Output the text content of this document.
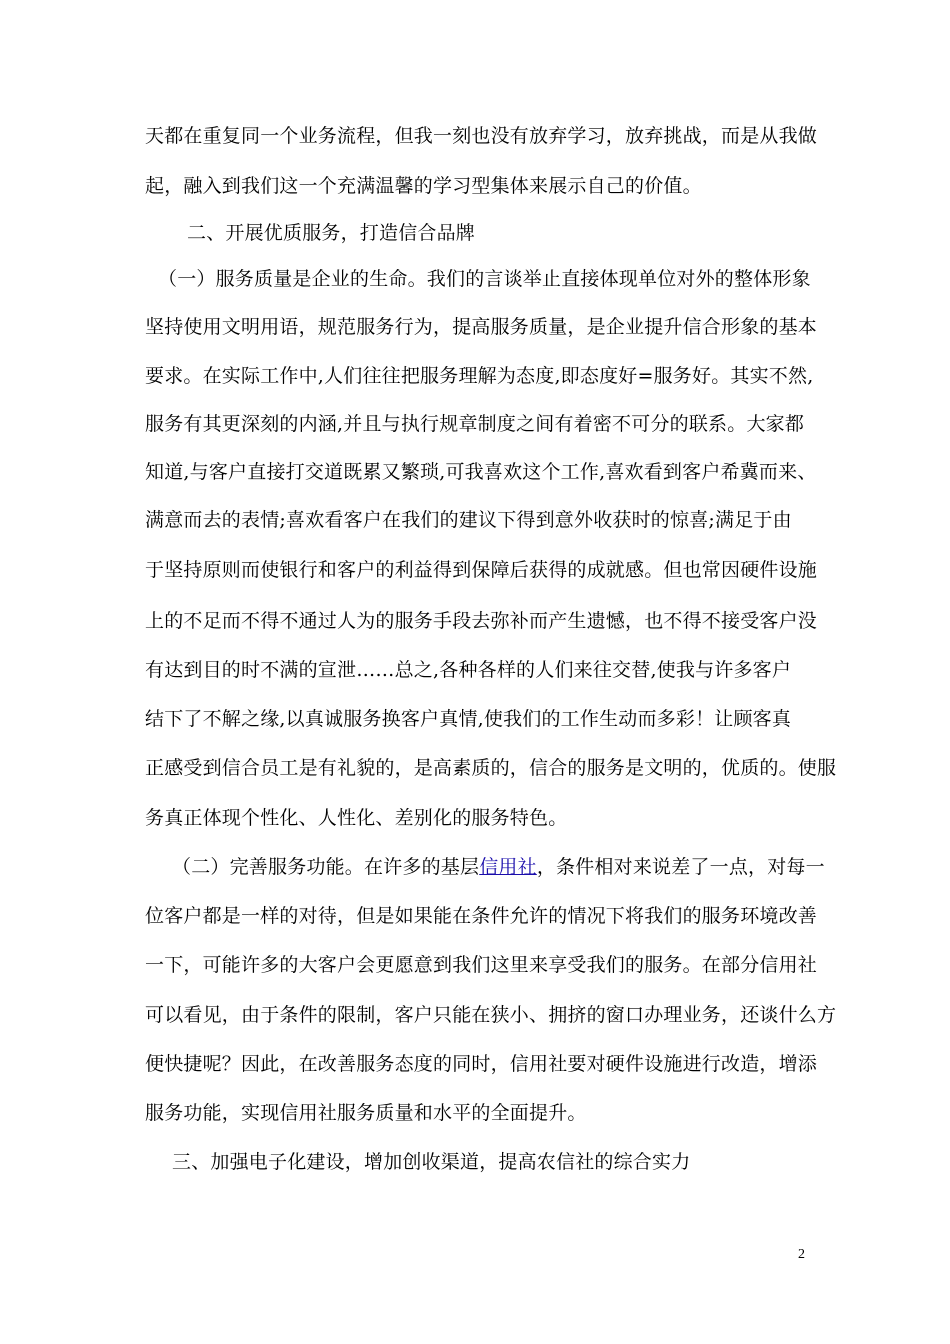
天都在重复同一个业务流程，但我一刻也没有放弃学习，放弃挑战，而是从我做
起，融入到我们这一个充满温馨的学习型集体来展示自己的价值。
二、开展优质服务，打造信合品牌
（一）服务质量是企业的生命。我们的言谈举止直接体现单位对外的整体形象
坚持使用文明用语，规范服务行为，提高服务质量，是企业提升信合形象的基本
要求。在实际工作中,人们往往把服务理解为态度,即态度好=服务好。其实不然,
服务有其更深刻的内涵,并且与执行规章制度之间有着密不可分的联系。大家都
知道,与客户直接打交道既累又繁琐,可我喜欢这个工作,喜欢看到客户希冀而来、
满意而去的表情;喜欢看客户在我们的建议下得到意外收获时的惊喜;满足于由
于坚持原则而使银行和客户的利益得到保障后获得的成就感。但也常因硬件设施
上的不足而不得不通过人为的服务手段去弥补而产生遗憾，也不得不接受客户没
有达到目的时不满的宣泄……总之,各种各样的人们来往交替,使我与许多客户
结下了不解之缘,以真诚服务换客户真情,使我们的工作生动而多彩！让顾客真
正感受到信合员工是有礼貌的，是高素质的，信合的服务是文明的，优质的。使服
务真正体现个性化、人性化、差别化的服务特色。
（二）完善服务功能。在许多的基层信用社，条件相对来说差了一点，对每一
位客户都是一样的对待，但是如果能在条件允许的情况下将我们的服务环境改善
一下，可能许多的大客户会更愿意到我们这里来享受我们的服务。在部分信用社
可以看见，由于条件的限制，客户只能在狭小、拥挤的窗口办理业务，还谈什么方
便快捷呢？因此，在改善服务态度的同时，信用社要对硬件设施进行改造，增添
服务功能，实现信用社服务质量和水平的全面提升。
三、加强电子化建设，增加创收渠道，提高农信社的综合实力
2
